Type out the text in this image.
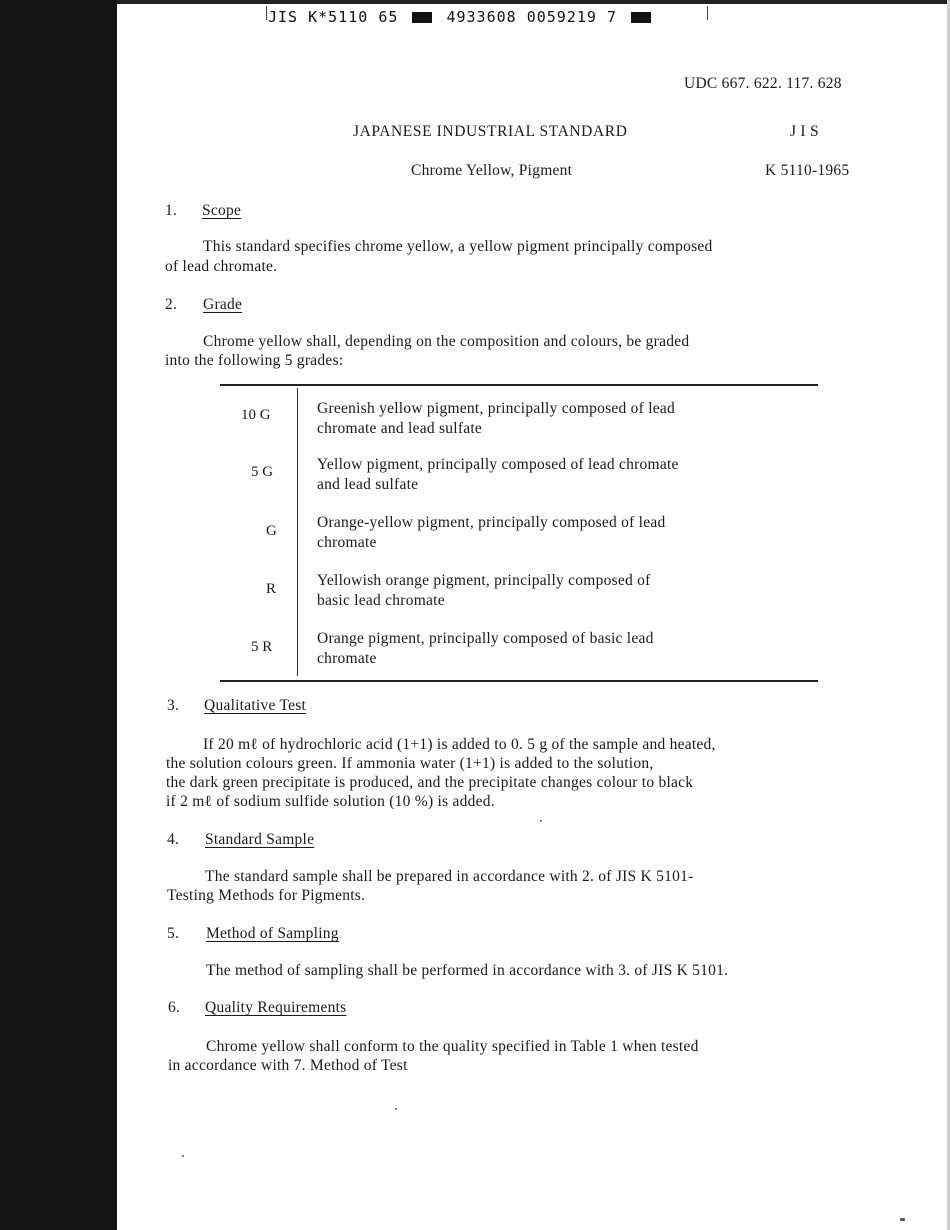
JIS K*5110 65	4933608 0059219 7
UDC 667. 622. 117. 628
JAPANESE INDUSTRIAL STANDARD	J I S
Chrome Yellow, Pigment	K 5110-1965
1. Scope
This standard specifies chrome yellow, a yellow pigment principally composed
of lead chromate.
2. Grade
Chrome yellow shall, depending on the composition and colours, be graded
into the following 5 grades:
10 G	Greenish yellow pigment, principally composed of lead
chromate and lead sulfate
5 G	Yellow pigment, principally composed of lead chromate
and lead sulfate
G	Orange-yellow pigment, principally composed of lead
chromate
R	Yellowish orange pigment, principally composed of
basic lead chromate
5 R	Orange pigment, principally composed of basic lead
chromate
3. Qualitative Test
If 20 mℓ of hydrochloric acid (1+1) is added to 0. 5 g of the sample and heated,
the solution colours green. If ammonia water (1+1) is added to the solution,
the dark green precipitate is produced, and the precipitate changes colour to black
if 2 mℓ of sodium sulfide solution (10 %) is added.
4. Standard Sample
The standard sample shall be prepared in accordance with 2. of JIS K 5101-
Testing Methods for Pigments.
5. Method of Sampling
The method of sampling shall be performed in accordance with 3. of JIS K 5101.
6. Quality Requirements
Chrome yellow shall conform to the quality specified in Table 1 when tested
in accordance with 7. Method of Test
